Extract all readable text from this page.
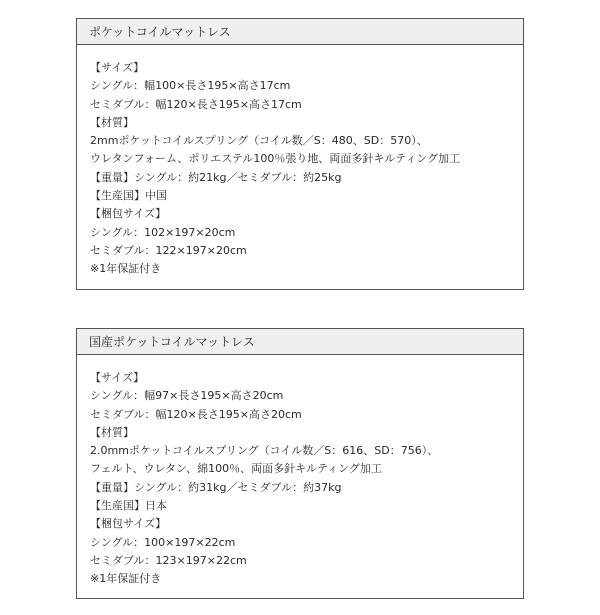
ポケットコイルマットレス
【サイズ】
シングル：幅100×長さ195×高さ17cm
セミダブル：幅120×長さ195×高さ17cm
【材質】
2mmポケットコイルスプリング（コイル数／S：480、SD：570）、
ウレタンフォーム、ポリエステル100％張り地、両面多針キルティング加工
【重量】シングル：約21kg／セミダブル：約25kg
【生産国】中国
【梱包サイズ】
シングル：102×197×20cm
セミダブル：122×197×20cm
※1年保証付き
国産ポケットコイルマットレス
【サイズ】
シングル：幅97×長さ195×高さ20cm
セミダブル：幅120×長さ195×高さ20cm
【材質】
2.0mmポケットコイルスプリング（コイル数／S：616、SD：756）、
フェルト、ウレタン、綿100％、両面多針キルティング加工
【重量】シングル：約31kg／セミダブル：約37kg
【生産国】日本
【梱包サイズ】
シングル：100×197×22cm
セミダブル：123×197×22cm
※1年保証付き
